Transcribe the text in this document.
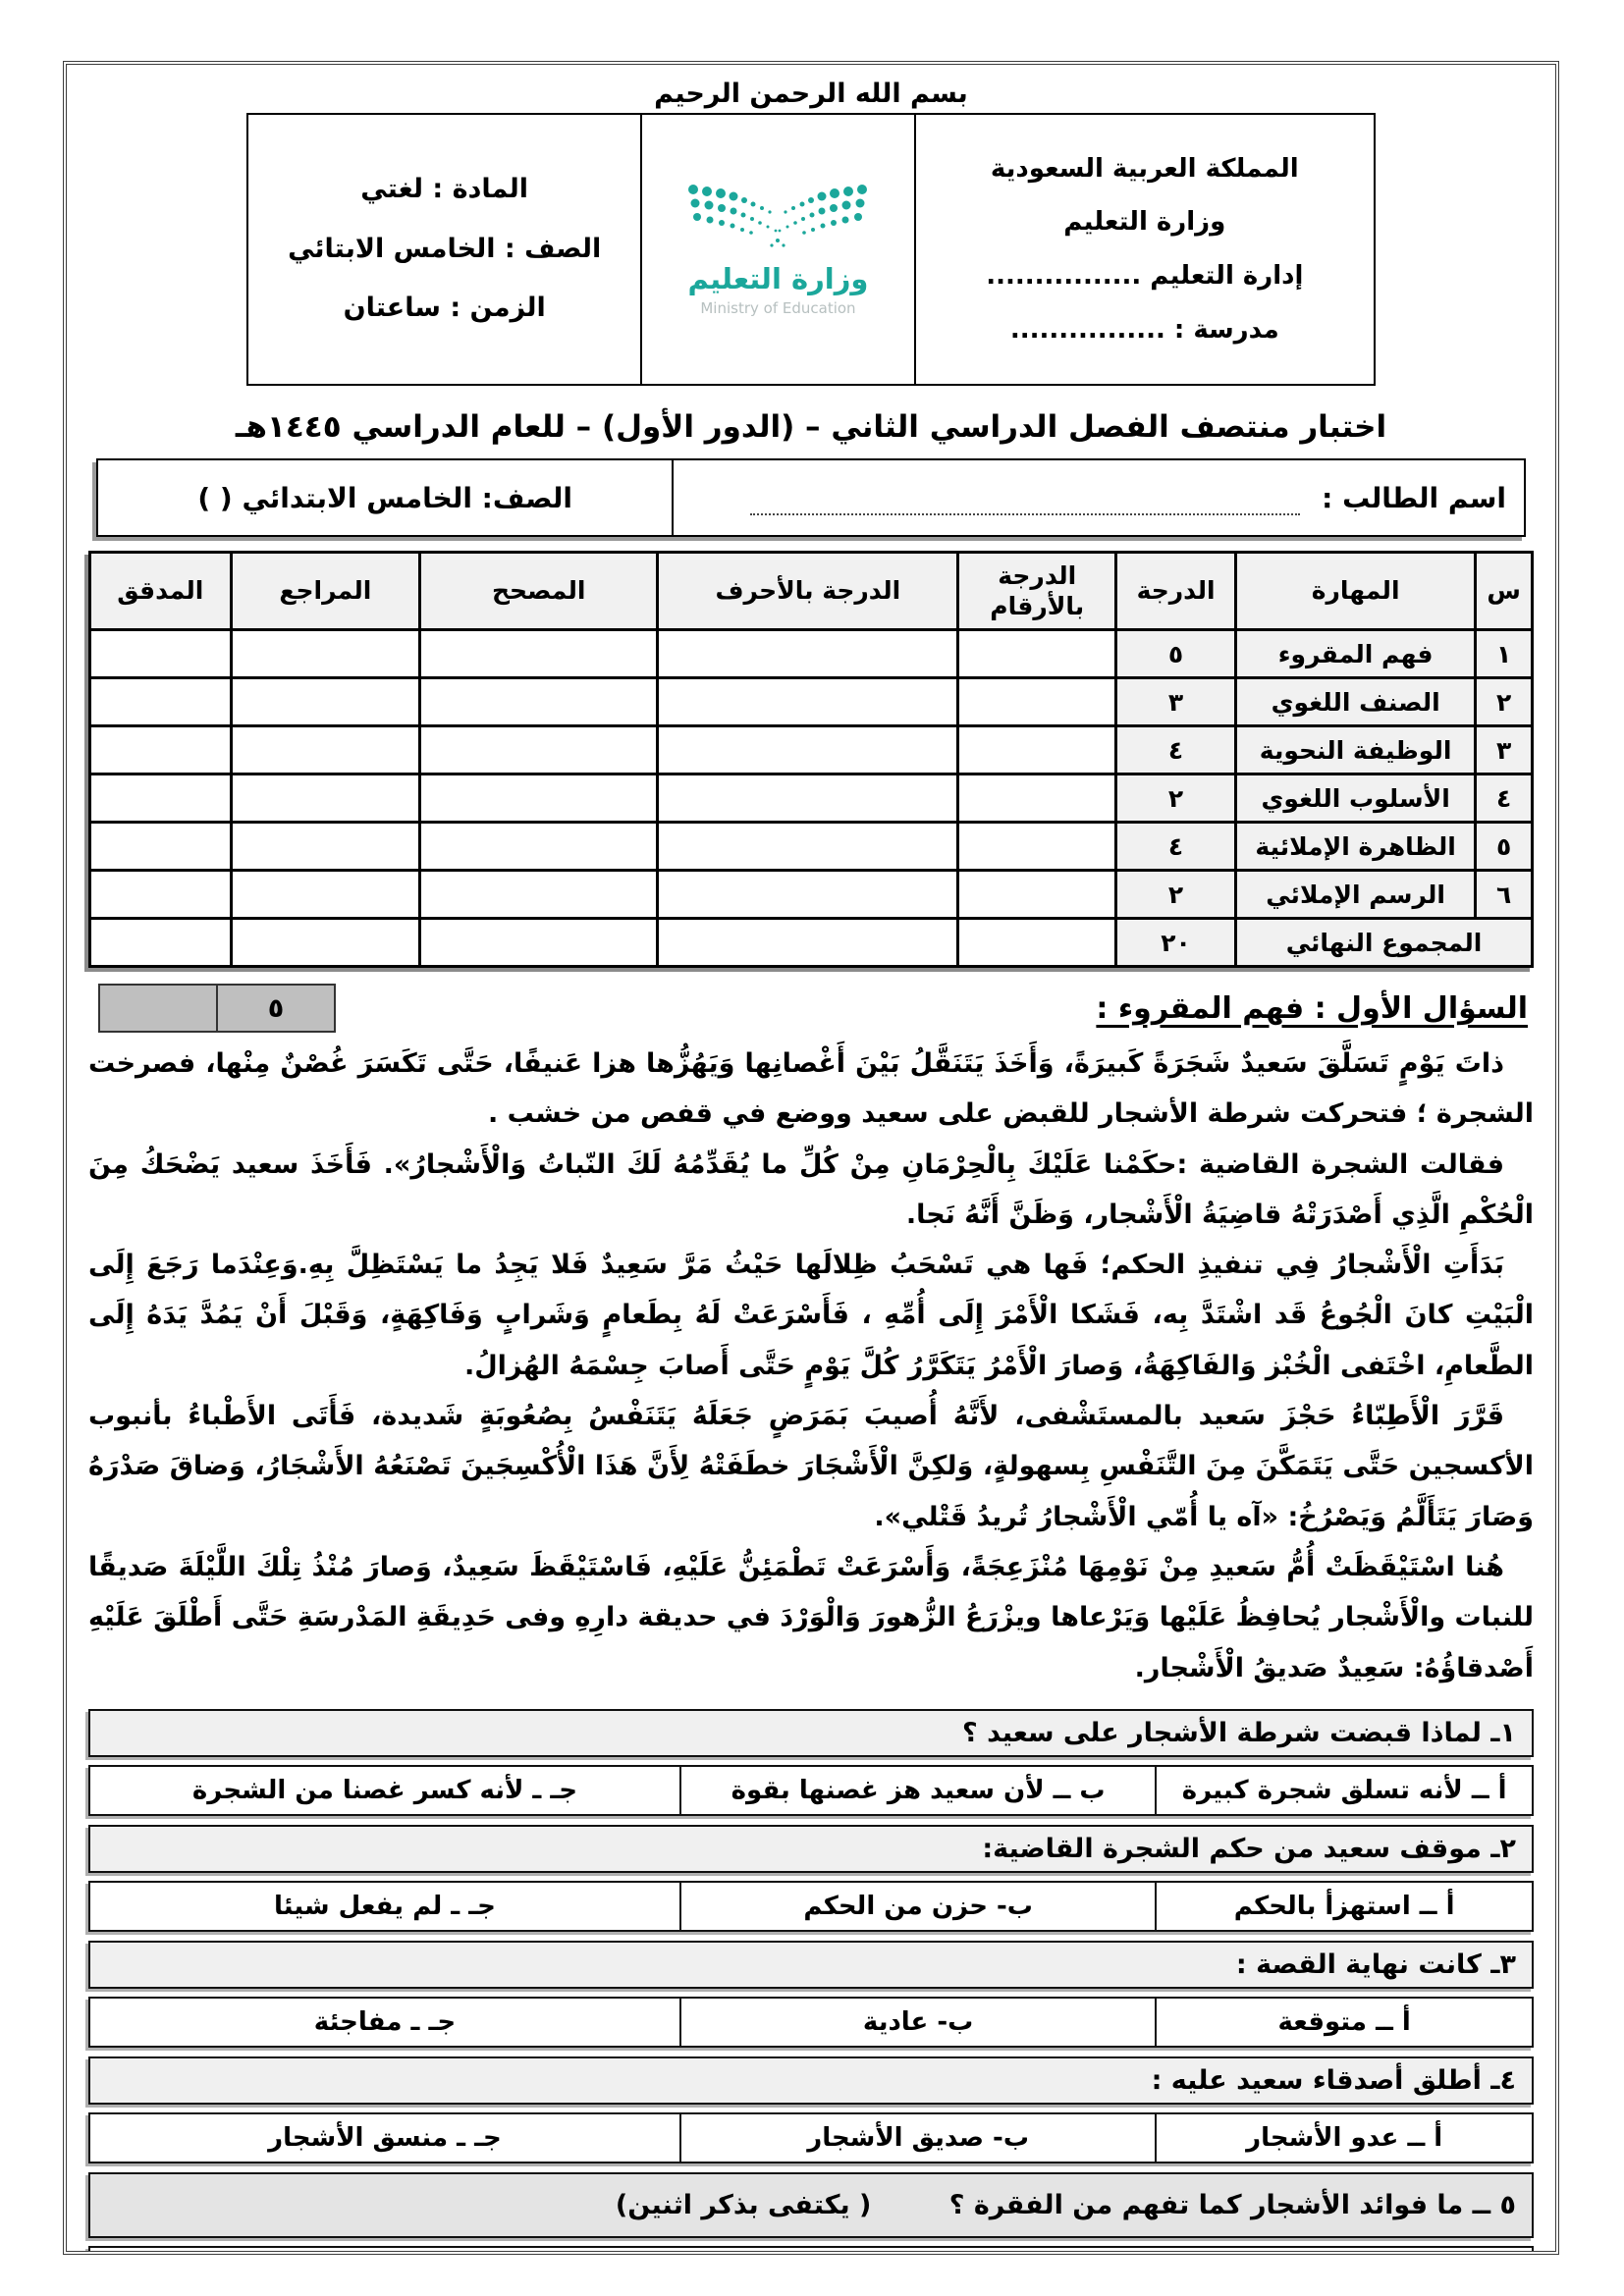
بسم الله الرحمن الرحيم
المملكة العربية السعودية
وزارة التعليم
إدارة التعليم ................
مدرسة : ................

وزارة التعليم
Ministry of Education

المادة : لغتي
الصف : الخامس الابتائي
الزمن : ساعتان
اختبار منتصف الفصل الدراسي الثاني – (الدور الأول) – للعام الدراسي ١٤٤٥هـ
اسم الطالب :
الصف: الخامس الابتدائي ( )
س	المهارة	الدرجة	الدرجة بالأرقام	الدرجة بالأحرف	المصحح	المراجع	المدقق
١	فهم المقروء	٥					
٢	الصنف اللغوي	٣					
٣	الوظيفة النحوية	٤					
٤	الأسلوب اللغوي	٢					
٥	الظاهرة الإملائية	٤					
٦	الرسم الإملائي	٢					
المجموع النهائي		٢٠					
السؤال الأول : فهم المقروء :
٥

ذاتَ يَوْمٍ تَسَلَّقَ سَعيدٌ شَجَرَةً كَبيرَةً، وَأَخَذَ يَتَنَقَّلُ بَيْنَ أَغْصانِها وَيَهُزُّها هزا عَنيفًا، حَتَّى تَكَسَرَ غُصْنٌ مِنْها، فصرخت الشجرة ؛ فتحركت شرطة الأشجار للقبض على سعيد ووضع في قفص من خشب .

فقالت الشجرة القاضية :حكَمْنا عَلَيْكَ بِالْحِرْمَانِ مِنْ كُلِّ ما يُقَدِّمُهُ لَكَ النّباتُ وَالْأَشْجارُ». فَأَخَذَ سعيد يَضْحَكُ مِنَ الْحُكْمِ الَّذِي أَصْدَرَتْهُ قاضِيَةُ الْأَشْجار، وَظَنَّ أَنَّهُ نَجا.

بَدَأَتِ الْأَشْجارُ فِي تنفيذِ الحكم؛ فَها هي تَسْحَبُ ظِلالَها حَيْثُ مَرَّ سَعِيدٌ فَلا يَجِدُ ما يَسْتَظِلَّ بِهِ.وَعِنْدَما رَجَعَ إِلَى الْبَيْتِ كانَ الْجُوعُ قَد اشْتَدَّ بِه، فَشَكا الْأَمْرَ إِلَى أُمِّهِ ، فَأَسْرَعَتْ لَهُ بِطَعامٍ وَشَرابٍ وَفَاكِهَةٍ، وَقَبْلَ أَنْ يَمُدَّ يَدَهُ إِلَى الطَّعامِ، اخْتَفى الْخُبْز وَالفَاكِهَةُ، وَصارَ الْأَمْرُ يَتَكَرَّرُ كُلَّ يَوْمٍ حَتَّى أَصابَ جِسْمَهُ الهُزالُ.

قَرَّرَ الْأَطِبّاءُ حَجْزَ سَعيد بالمستَشْفى، لأَنَّهُ أُصيبَ بَمَرَضٍ جَعَلَهُ يَتَنَفْسُ بِصُعُوبَةٍ شَديدة، فَأَتَى الأَطْباءُ بأنبوب الأكسجين حَتَّى يَتَمَكَّنَ مِنَ التَّنَفْسِ بِسهولةٍ، وَلكِنَّ الْأَشْجَارَ خطَفَتْهُ لِأَنَّ هَذَا الْأُكْسِجَينَ تَصْنَعُهُ الأَشْجَارُ، وَضاقَ صَدْرَهُ وَصَارَ يَتَأَلَّمُ وَيَصْرُخُ: «آه يا أُمّي الْأَشْجارُ تُريدُ قَتْلي».

هُنا اسْتَيْقَظَتْ أُمُّ سَعيدِ مِنْ نَوْمِهَا مُنْزَعِجَةً، وَأَسْرَعَتْ تَطْمَئِنُّ عَلَيْهِ، فَاسْتَيْقَظَ سَعِيدٌ، وَصارَ مُنْذُ تِلْكَ اللَّيْلَةَ صَديقًا للنبات والْأَشْجار يُحافِظُ عَلَيْها وَيَرْعاها ويزْرَعُ الزُّهورَ وَالْوَرْدَ في حديقة دارِهِ وفى حَدِيقَةِ المَدْرسَةِ حَتَّى أَطْلَقَ عَلَيْهِ أَصْدقاؤُهُ: سَعِيدٌ صَديقُ الْأَشْجار.

١ـ لماذا قبضت شرطة الأشجار على سعيد ؟
أ ــ لأنه تسلق شجرة كبيرة
ب ــ لأن سعيد هز غصنها بقوة
جـ ـ لأنه كسر غصنا من الشجرة
٢ـ موقف سعيد من حكم الشجرة القاضية:
أ ــ استهزأ بالحكم
ب- حزن من الحكم
جـ ـ لم يفعل شيئا
٣ـ كانت نهاية القصة :
أ ــ متوقعة
ب- عادية
جـ ـ مفاجئة
٤ـ أطلق أصدقاء سعيد عليه :
أ ــ عدو الأشجار
ب- صديق الأشجار
جـ ـ منسق الأشجار
٥ ــ ما فوائد الأشجار كما تفهم من الفقرة ؟ ( يكتفى بذكر اثنين)
